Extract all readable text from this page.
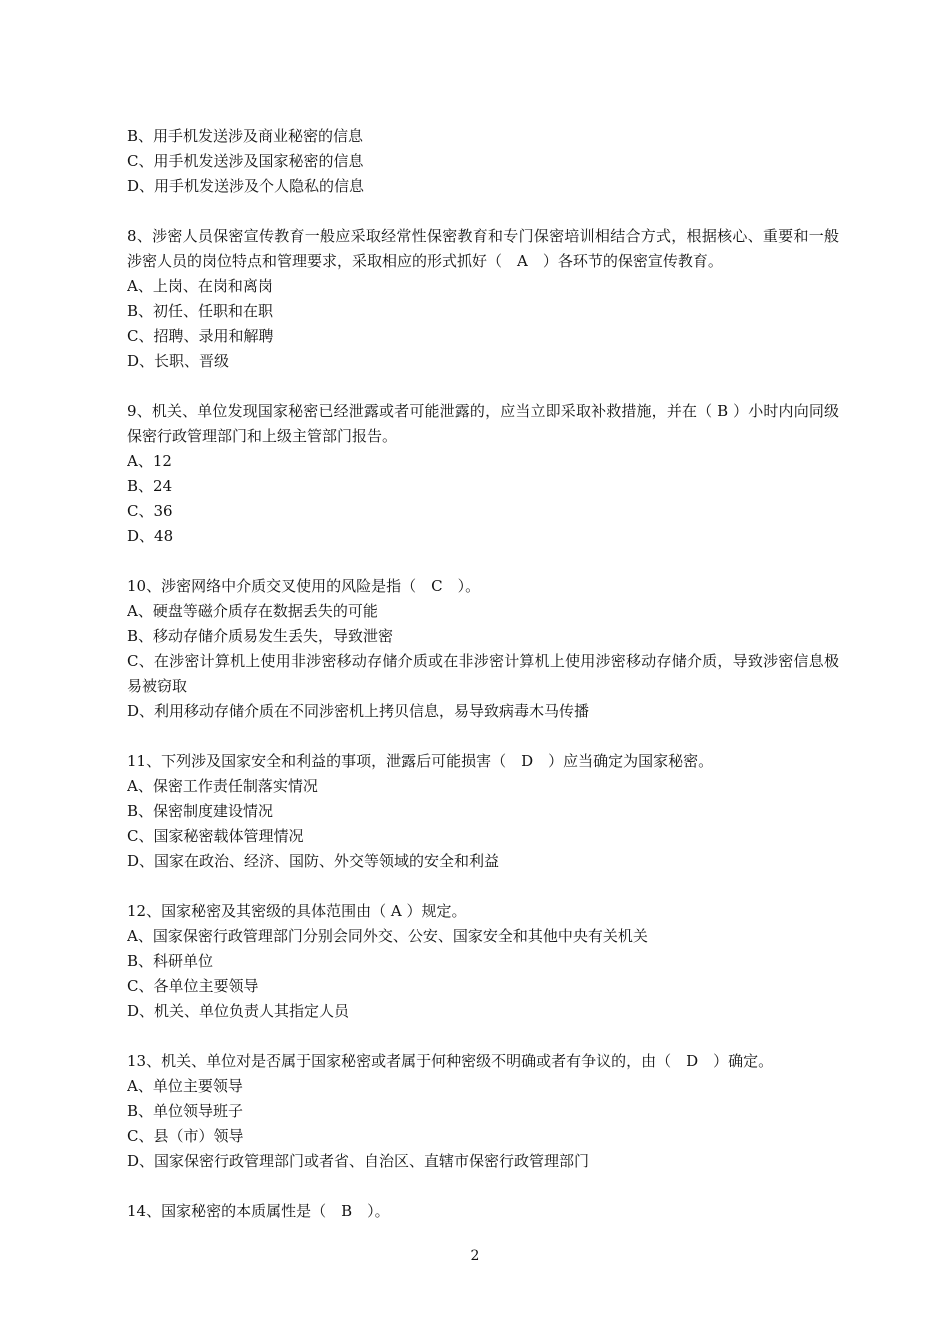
B、用手机发送涉及商业秘密的信息
C、用手机发送涉及国家秘密的信息
D、用手机发送涉及个人隐私的信息
8、涉密人员保密宣传教育一般应采取经常性保密教育和专门保密培训相结合方式，根据核心、重要和一般涉密人员的岗位特点和管理要求，采取相应的形式抓好（　A　）各环节的保密宣传教育。
A、上岗、在岗和离岗
B、初任、任职和在职
C、招聘、录用和解聘
D、长职、晋级
9、机关、单位发现国家秘密已经泄露或者可能泄露的，应当立即采取补救措施，并在（ B ）小时内向同级保密行政管理部门和上级主管部门报告。
A、12
B、24
C、36
D、48
10、涉密网络中介质交叉使用的风险是指（　C　）。
A、硬盘等磁介质存在数据丢失的可能
B、移动存储介质易发生丢失，导致泄密
C、在涉密计算机上使用非涉密移动存储介质或在非涉密计算机上使用涉密移动存储介质，导致涉密信息极易被窃取
D、利用移动存储介质在不同涉密机上拷贝信息，易导致病毒木马传播
11、下列涉及国家安全和利益的事项，泄露后可能损害（　D　）应当确定为国家秘密。
A、保密工作责任制落实情况
B、保密制度建设情况
C、国家秘密载体管理情况
D、国家在政治、经济、国防、外交等领域的安全和利益
12、国家秘密及其密级的具体范围由（ A ）规定。
A、国家保密行政管理部门分别会同外交、公安、国家安全和其他中央有关机关
B、科研单位
C、各单位主要领导
D、机关、单位负责人其指定人员
13、机关、单位对是否属于国家秘密或者属于何种密级不明确或者有争议的，由（　D　）确定。
A、单位主要领导
B、单位领导班子
C、县（市）领导
D、国家保密行政管理部门或者省、自治区、直辖市保密行政管理部门
14、国家秘密的本质属性是（　B　）。
2
